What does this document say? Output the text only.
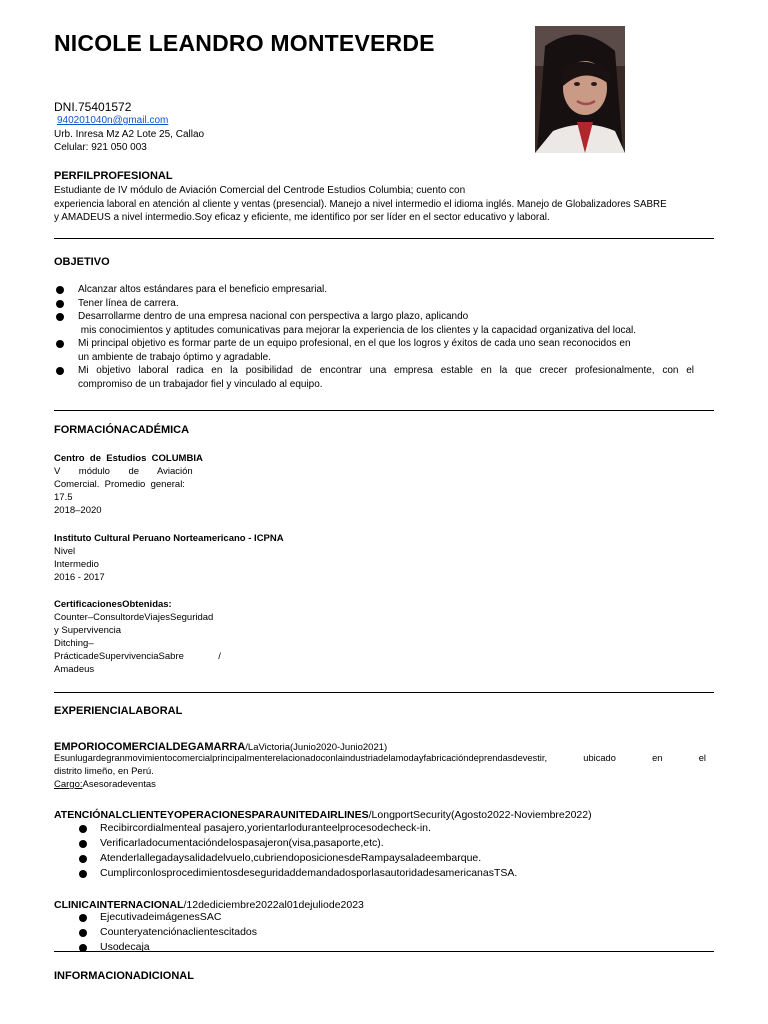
NICOLE LEANDRO MONTEVERDE
DNI.75401572
940201040n@gmail.com
Urb. Inresa Mz A2 Lote 25, Callao
Celular: 921 050 003
PERFILPROFESIONAL
Estudiante de IV módulo de Aviación Comercial del Centrode Estudios Columbia; cuento con
experiencia laboral en atención al cliente y ventas (presencial). Manejo a nivel intermedio el idioma inglés. Manejo de Globalizadores SABRE
y AMADEUS a nivel intermedio.Soy eficaz y eficiente, me identifico por ser líder en el sector educativo y laboral.
OBJETIVO
Alcanzar altos estándares para el beneficio empresarial.
Tener línea de carrera.
Desarrollarme dentro de una empresa nacional con perspectiva a largo plazo, aplicando
mis conocimientos y aptitudes comunicativas para mejorar la experiencia de los clientes y la capacidad organizativa del local.
Mi principal objetivo es formar parte de un equipo profesional, en el que los logros y éxitos de cada uno sean reconocidos en
un ambiente de trabajo óptimo y agradable.
Mi objetivo laboral radica en la posibilidad de encontrar una empresa estable en la que crecer profesionalmente, con el
compromiso de un trabajador fiel y vinculado al equipo.
FORMACIÓNACADÉMICA
Centro  de  Estudios  COLUMBIA
V       módulo       de       Aviación
Comercial.  Promedio  general:
17.5
2018–2020
Instituto Cultural Peruano Norteamericano - ICPNA
Nivel
Intermedio
2016 - 2017
CertificacionesObtenidas:
Counter–ConsultordeViajesSeguridad
y Supervivencia
Ditching–
PrácticadeSupervivenciaSabre             /
Amadeus
EXPERIENCIALABORAL
EMPORIOCOMERCIALDEGAMARRA/LaVictoria(Junio2020-Junio2021)
Esunlugardegranmovimientocomercialprincipalmenterelacionadoconlaindustriadelamodayfabricacióndeprendasdevestir,  ubicado  en  el
distrito limeño, en Perú.
Cargo:Asesoradeventas
ATENCIÓNALCLIENTEYOPERACIONESPARAUNITEDAIRLINES/LongportSecurity(Agosto2022-Noviembre2022)
Recibircordialmenteal pasajero,yorientarloduranteelprocesodecheck-in.
Verificarladocumentacióndelospasajeron(visa,pasaporte,etc).
Atenderlallegadaysalidadelvuelo,cubriendoposicionesdeRampaysaladeembarque.
CumplirconlosprocedimientosdeseguridaddemandadosporlasautoridadesamericanasTSA.
CLINICAINTERNACIONAL/12dediciembre2022al01dejuliode2023
EjecutivadeimágenesSAC
Counteryatenciónaclientescitados
Usodecaja
INFORMACIONADICIONAL
